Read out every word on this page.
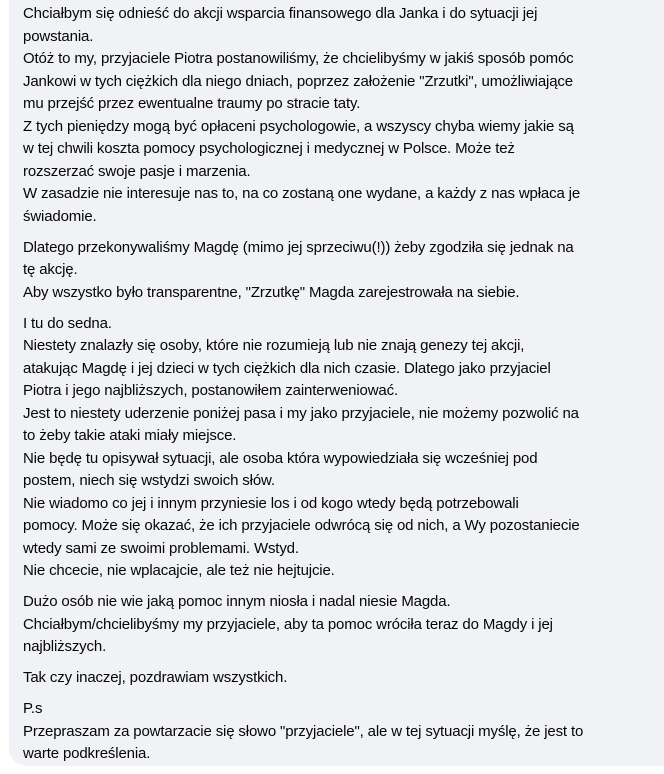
Chciałbym się odnieść do akcji wsparcia finansowego dla Janka i do sytuacji jej
powstania.
Otóż to my, przyjaciele Piotra postanowiliśmy, że chcielibyśmy w jakiś sposób pomóc
Jankowi w tych ciężkich dla niego dniach, poprzez założenie "Zrzutki", umożliwiające
mu przejść przez ewentualne traumy po stracie taty.
Z tych pieniędzy mogą być opłaceni psychologowie, a wszyscy chyba wiemy jakie są
w tej chwili koszta pomocy psychologicznej i medycznej w Polsce. Może też
rozszerzać swoje pasje i marzenia.
W zasadzie nie interesuje nas to, na co zostaną one wydane, a każdy z nas wpłaca je
świadomie.
Dlatego przekonywaliśmy Magdę (mimo jej sprzeciwu(!)) żeby zgodziła się jednak na
tę akcję.
Aby wszystko było transparentne, "Zrzutkę" Magda zarejestrowała na siebie.
I tu do sedna.
Niestety znalazły się osoby, które nie rozumieją lub nie znają genezy tej akcji,
atakując Magdę i jej dzieci w tych ciężkich dla nich czasie. Dlatego jako przyjaciel
Piotra i jego najbliższych, postanowiłem zainterweniować.
Jest to niestety uderzenie poniżej pasa i my jako przyjaciele, nie możemy pozwolić na
to żeby takie ataki miały miejsce.
Nie będę tu opisywał sytuacji, ale osoba która wypowiedziała się wcześniej pod
postem, niech się wstydzi swoich słów.
Nie wiadomo co jej i innym przyniesie los i od kogo wtedy będą potrzebowali
pomocy. Może się okazać, że ich przyjaciele odwrócą się od nich, a Wy pozostaniecie
wtedy sami ze swoimi problemami. Wstyd.
Nie chcecie, nie wplacajcie, ale też nie hejtujcie.
Dużo osób nie wie jaką pomoc innym niosła i nadal niesie Magda.
Chciałbym/chcielibyśmy my przyjaciele, aby ta pomoc wróciła teraz do Magdy i jej
najbliższych.
Tak czy inaczej, pozdrawiam wszystkich.
P.s
Przepraszam za powtarzacie się słowo "przyjaciele", ale w tej sytuacji myślę, że jest to
warte podkreślenia.
